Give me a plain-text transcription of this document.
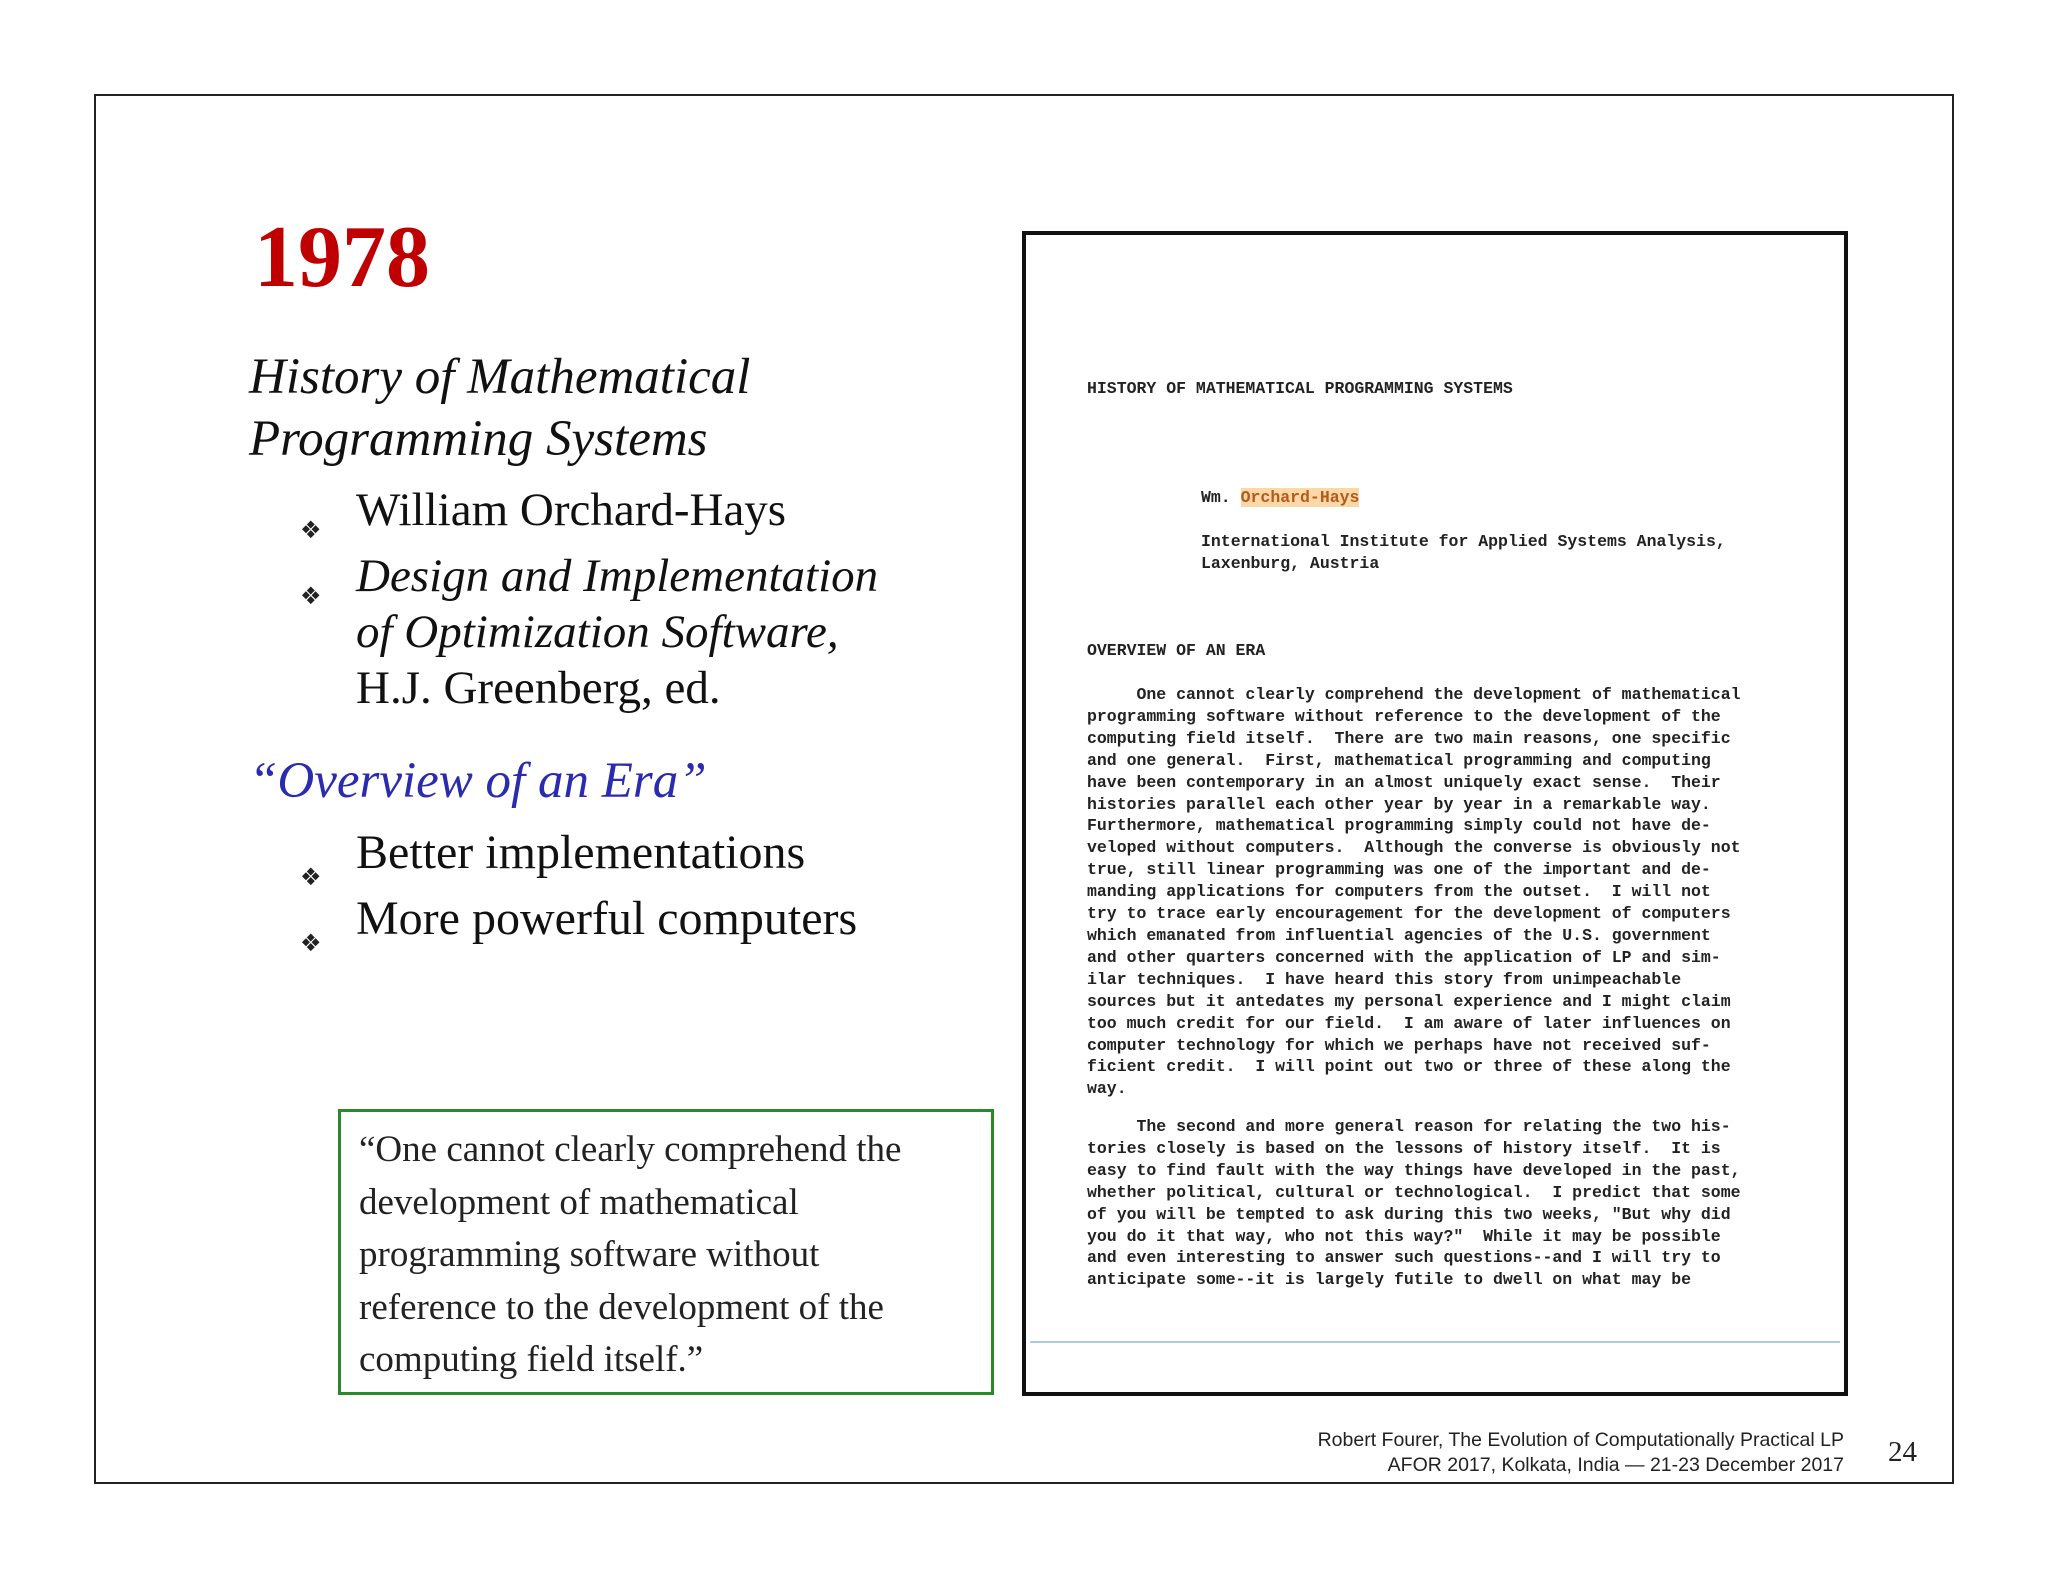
1978
History of Mathematical
Programming Systems
❖ William Orchard-Hays
❖ Design and Implementation
of Optimization Software,
H.J. Greenberg, ed.
“Overview of an Era”
❖ Better implementations
❖ More powerful computers
“One cannot clearly comprehend the
development of mathematical
programming software without
reference to the development of the
computing field itself.”
HISTORY OF MATHEMATICAL PROGRAMMING SYSTEMS
Wm. Orchard-Hays
International Institute for Applied Systems Analysis,
Laxenburg, Austria
OVERVIEW OF AN ERA
One cannot clearly comprehend the development of mathematical
programming software without reference to the development of the
computing field itself.  There are two main reasons, one specific
and one general.  First, mathematical programming and computing
have been contemporary in an almost uniquely exact sense.  Their
histories parallel each other year by year in a remarkable way.
Furthermore, mathematical programming simply could not have de-
veloped without computers.  Although the converse is obviously not
true, still linear programming was one of the important and de-
manding applications for computers from the outset.  I will not
try to trace early encouragement for the development of computers
which emanated from influential agencies of the U.S. government
and other quarters concerned with the application of LP and sim-
ilar techniques.  I have heard this story from unimpeachable
sources but it antedates my personal experience and I might claim
too much credit for our field.  I am aware of later influences on
computer technology for which we perhaps have not received suf-
ficient credit.  I will point out two or three of these along the
way.
The second and more general reason for relating the two his-
tories closely is based on the lessons of history itself.  It is
easy to find fault with the way things have developed in the past,
whether political, cultural or technological.  I predict that some
of you will be tempted to ask during this two weeks, "But why did
you do it that way, who not this way?"  While it may be possible
and even interesting to answer such questions--and I will try to
anticipate some--it is largely futile to dwell on what may be
Robert Fourer, The Evolution of Computationally Practical LP
AFOR 2017, Kolkata, India — 21-23 December 2017 24
